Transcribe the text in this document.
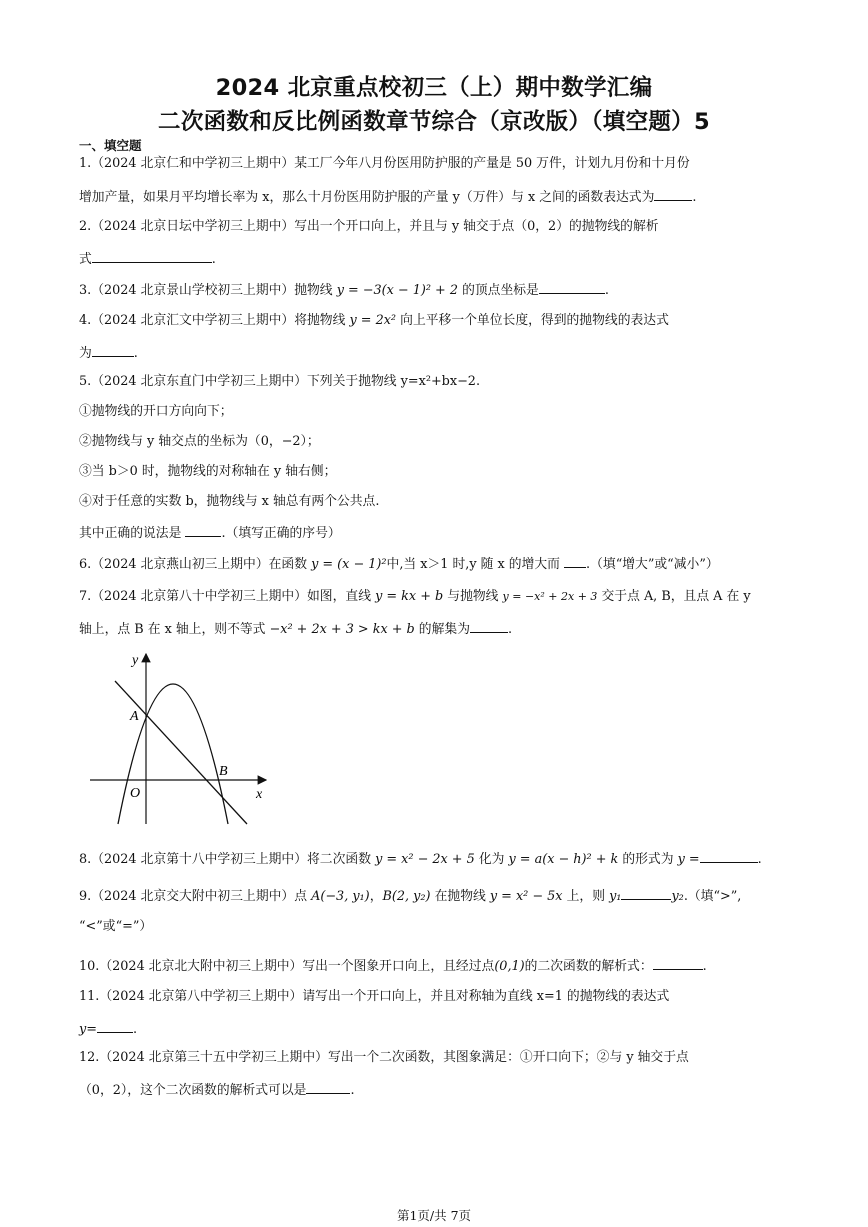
2024 北京重点校初三（上）期中数学汇编
二次函数和反比例函数章节综合（京改版）（填空题）5
一、填空题
1.（2024 北京仁和中学初三上期中）某工厂今年八月份医用防护服的产量是 50 万件，计划九月份和十月份
增加产量，如果月平均增长率为 x，那么十月份医用防护服的产量 y（万件）与 x 之间的函数表达式为	.
2.（2024 北京日坛中学初三上期中）写出一个开口向上，并且与 y 轴交于点（0，2）的抛物线的解析
式	.
3.（2024 北京景山学校初三上期中）抛物线 y = −3(x − 1)² + 2 的顶点坐标是	.
4.（2024 北京汇文中学初三上期中）将抛物线 y = 2x² 向上平移一个单位长度，得到的抛物线的表达式
为	.
5.（2024 北京东直门中学初三上期中）下列关于抛物线 y=x²+bx−2.
①抛物线的开口方向向下；
②抛物线与 y 轴交点的坐标为（0，−2）；
③当 b＞0 时，抛物线的对称轴在 y 轴右侧；
④对于任意的实数 b，抛物线与 x 轴总有两个公共点.
其中正确的说法是	.（填写正确的序号）
6.（2024 北京燕山初三上期中）在函数 y = (x − 1)²中,当 x＞1 时,y 随 x 的增大而 .（填“增大”或“减小”）
7.（2024 北京第八十中学初三上期中）如图，直线 y = kx + b 与抛物线 y = −x² + 2x + 3 交于点 A, B，且点 A 在 y
轴上，点 B 在 x 轴上，则不等式 −x² + 2x + 3 > kx + b 的解集为	.
y
x
A
B
O
8.（2024 北京第十八中学初三上期中）将二次函数 y = x² − 2x + 5 化为 y = a(x − h)² + k 的形式为 y =	.
9.（2024 北京交大附中初三上期中）点 A(−3, y₁)，B(2, y₂) 在抛物线 y = x² − 5x 上，则 y₁	y₂.（填“>”,
“<”或“=”）
10.（2024 北京北大附中初三上期中）写出一个图象开口向上，且经过点(0,1)的二次函数的解析式：	.
11.（2024 北京第八中学初三上期中）请写出一个开口向上，并且对称轴为直线 x=1 的抛物线的表达式
y=	.
12.（2024 北京第三十五中学初三上期中）写出一个二次函数，其图象满足：①开口向下；②与 y 轴交于点
（0，2），这个二次函数的解析式可以是	.
第1页/共 7页
